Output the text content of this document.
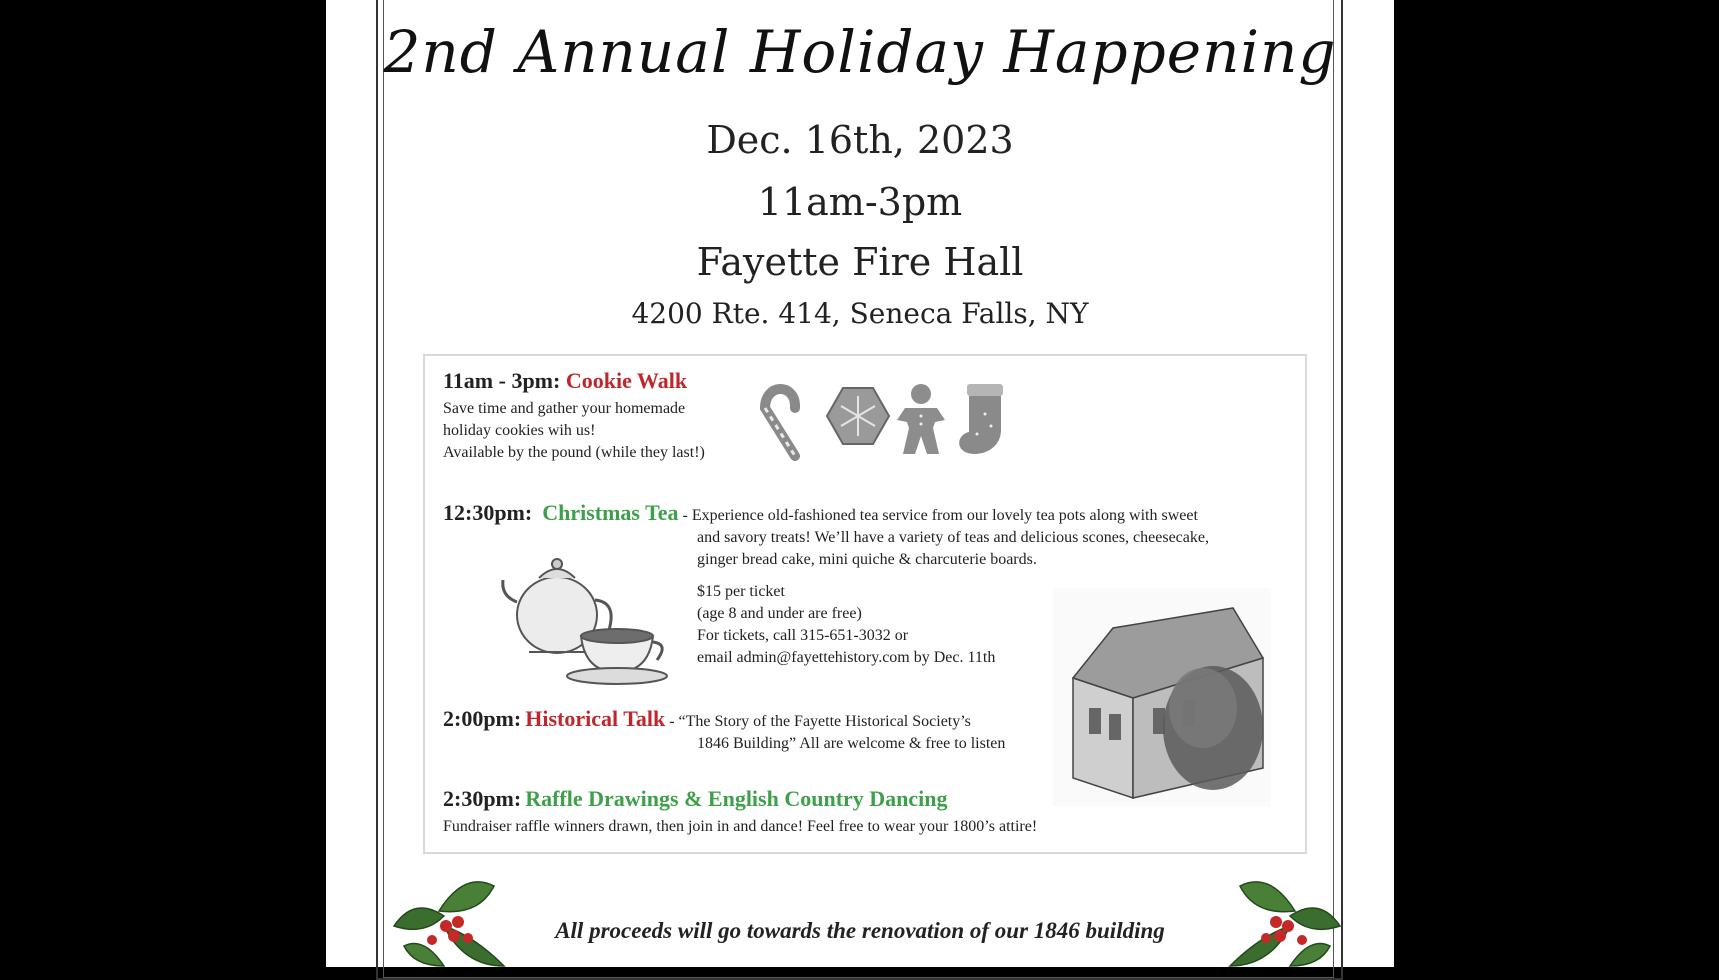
2nd Annual Holiday Happening
Dec. 16th, 2023
11am-3pm
Fayette Fire Hall
4200 Rte. 414, Seneca Falls, NY
11am - 3pm: Cookie Walk
Save time and gather your homemade
holiday cookies wih us!
Available by the pound (while they last!)
12:30pm: Christmas Tea - Experience old-fashioned tea service from our lovely tea pots along with sweet
and savory treats! We’ll have a variety of teas and delicious scones, cheesecake,
ginger bread cake, mini quiche & charcuterie boards.
$15 per ticket
(age 8 and under are free)
For tickets, call 315-651-3032 or
email admin@fayettehistory.com by Dec. 11th
2:00pm: Historical Talk - “The Story of the Fayette Historical Society’s
1846 Building” All are welcome & free to listen
2:30pm: Raffle Drawings & English Country Dancing
Fundraiser raffle winners drawn, then join in and dance! Feel free to wear your 1800’s attire!
All proceeds will go towards the renovation of our 1846 building
